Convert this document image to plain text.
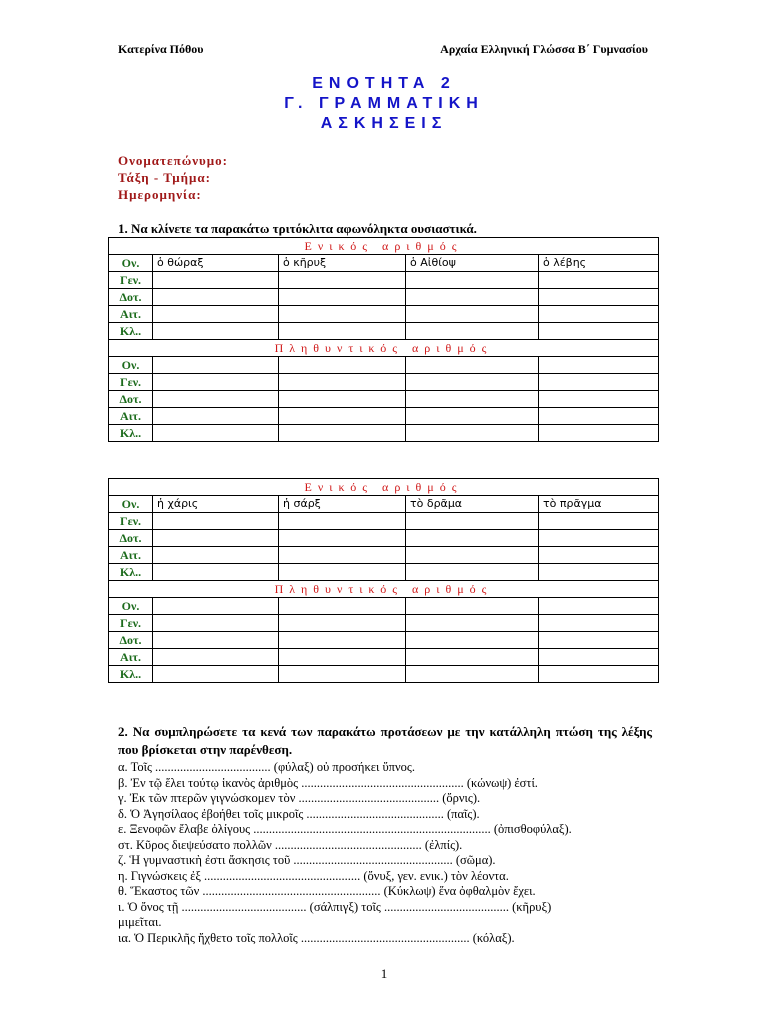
Κατερίνα Πόθου	Αρχαία Ελληνική Γλώσσα Β΄ Γυμνασίου
ΕΝΟΤΗΤΑ 2
Γ. ΓΡΑΜΜΑΤΙΚΗ
ΑΣΚΗΣΕΙΣ
Ονοματεπώνυμο:
Τάξη - Τμήμα:
Ημερομηνία:
1. Να κλίνετε τα παρακάτω τριτόκλιτα αφωνόληκτα ουσιαστικά.
Ενικός αριθμός				
Ον.	ὁ θώραξ	ὁ κῆρυξ	ὁ Αἰθίοψ	ὁ λέβης
Γεν.				
Δοτ.				
Αιτ.				
Κλ..				
Πληθυντικός αριθμός				
Ον.				
Γεν.				
Δοτ.				
Αιτ.				
Κλ..				
Ενικός αριθμός				
Ον.	ἡ χάρις	ἡ σάρξ	τὸ δρᾶμα	τὸ πρᾶγμα
Γεν.				
Δοτ.				
Αιτ.				
Κλ..				
Πληθυντικός αριθμός				
Ον.				
Γεν.				
Δοτ.				
Αιτ.				
Κλ..				
2. Να συμπληρώσετε τα κενά των παρακάτω προτάσεων με την κατάλληλη πτώση της λέξης που βρίσκεται στην παρένθεση.
α. Τοῖς ..................................... (φύλαξ) οὐ προσήκει ὕπνος.
β. Ἐν τῷ ἕλει τούτῳ ἱκανὸς ἀριθμὸς .................................................... (κώνωψ) ἐστί.
γ. Ἐκ τῶν πτερῶν γιγνώσκομεν τὸν ............................................. (ὄρνις).
δ. Ὁ Ἀγησίλαος ἐβοήθει τοῖς μικροῖς ............................................ (παῖς).
ε. Ξενοφῶν ἔλαβε ὀλίγους ............................................................................ (ὀπισθοφύλαξ).
στ. Κῦρος διεψεύσατο πολλῶν ............................................... (ἐλπίς).
ζ. Ἡ γυμναστικὴ ἐστι ἄσκησις τοῦ ................................................... (σῶμα).
η. Γιγνώσκεις ἐξ .................................................. (ὄνυξ, γεν. ενικ.) τὸν λέοντα.
θ. Ἕκαστος τῶν ......................................................... (Κύκλωψ) ἕνα ὀφθαλμὸν ἔχει.
ι. Ὁ ὄνος τῇ ........................................ (σάλπιγξ) τοῖς ........................................ (κῆρυξ)
μιμεῖται.
ια. Ὁ Περικλῆς ἤχθετο τοῖς πολλοῖς ...................................................... (κόλαξ).
1
